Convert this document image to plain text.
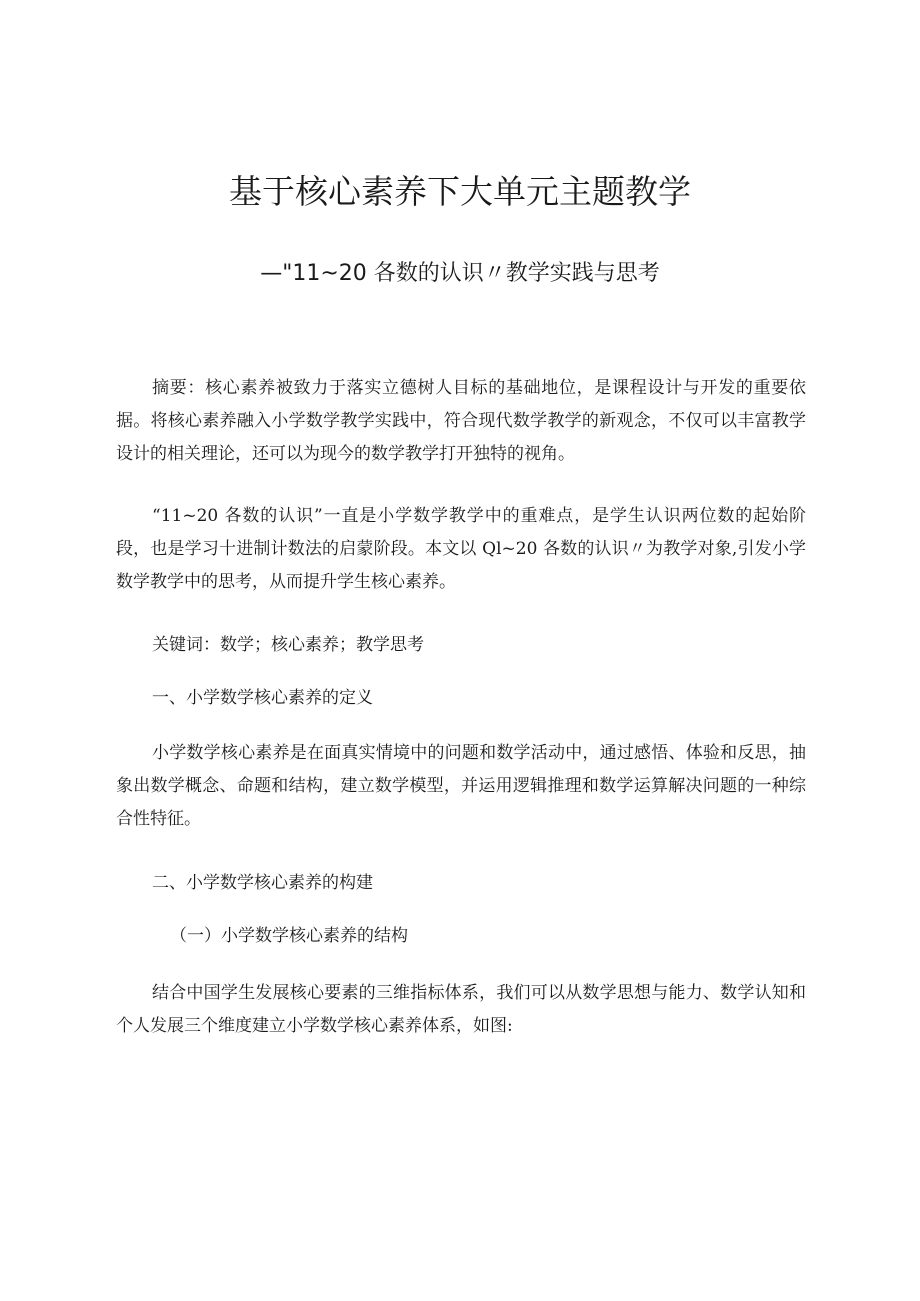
基于核心素养下大单元主题教学
—"11~20 各数的认识〃教学实践与思考

摘要：核心素养被致力于落实立德树人目标的基础地位，是课程设计与开发的重要依据。将核心素养融入小学数学教学实践中，符合现代数学教学的新观念，不仅可以丰富教学设计的相关理论，还可以为现今的数学教学打开独特的视角。

“11~20 各数的认识”一直是小学数学教学中的重难点，是学生认识两位数的起始阶段，也是学习十进制计数法的启蒙阶段。本文以 Ql~20 各数的认识〃为教学对象,引发小学数学教学中的思考，从而提升学生核心素养。

关键词：数学；核心素养；教学思考

一、小学数学核心素养的定义

小学数学核心素养是在面真实情境中的问题和数学活动中，通过感悟、体验和反思，抽象出数学概念、命题和结构，建立数学模型，并运用逻辑推理和数学运算解决问题的一种综合性特征。

二、小学数学核心素养的构建

（一）小学数学核心素养的结构

结合中国学生发展核心要素的三维指标体系，我们可以从数学思想与能力、数学认知和个人发展三个维度建立小学数学核心素养体系，如图:
